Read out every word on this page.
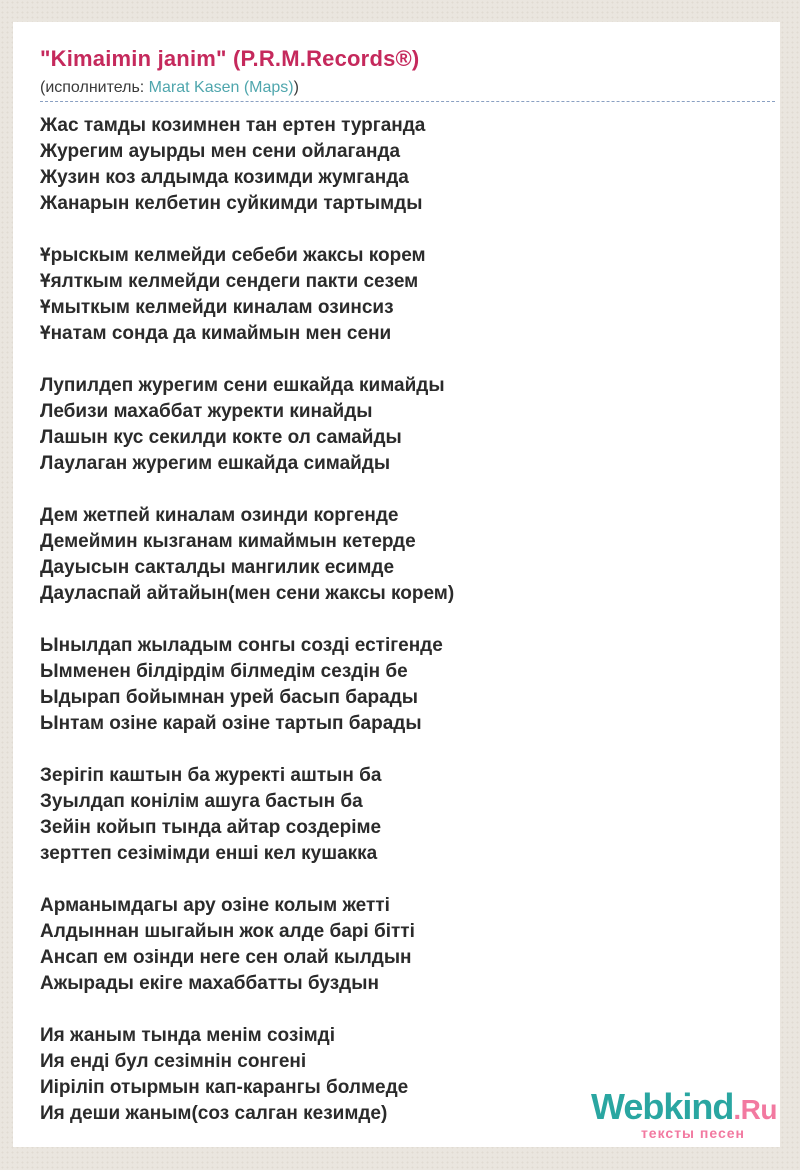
"Kimaimin janim" (P.R.M.Records®)
(исполнитель: Marat Kasen (Maps))
Жас тамды козимнен тан ертен турганда
Журегим ауырды мен сени ойлаганда
Жузин коз алдымда козимди жумганда
Жанарын келбетин суйкимди тартымды
Ұрыскым келмейди себеби жаксы корем
Ұялткым келмейди сендеги пакти сезем
Ұмыткым келмейди киналам озинсиз
Ұнатам сонда да кимаймын мен сени
Лупилдеп журегим сени ешкайда кимайды
Лебизи махаббат журекти кинайды
Лашын кус секилди кокте ол самайды
Лаулаган журегим ешкайда симайды
Дем жетпей киналам озинди коргенде
Демеймин кызганам кимаймын кетерде
Дауысын сакталды мангилик есимде
Дауласпай айтайын(мен сени жаксы корем)
Ынылдап жыладым сонгы созді естігенде
Ымменен білдірдім білмедім сездін бе
Ыдырап бойымнан урей басып барады
Ынтам озіне карай озіне тартып барады
Зерігіп каштын ба журекті аштын ба
Зуылдап конілім ашуга бастын ба
Зейін койып тында айтар создеріме
зерттеп сезімімди енші кел кушакка
Арманымдагы ару озіне колым жетті
Алдыннан шыгайын жок алде барі бітті
Ансап ем озінди неге сен олай кылдын
Ажырады екіге махаббатты буздын
Ия жаным тында менім созімді
Ия енді бул сезімнін сонгені
Иіріліп отырмын кап-карангы болмеде
Ия деши жаным(соз салган кезимде)	Webkind.Ru
тексты песен
